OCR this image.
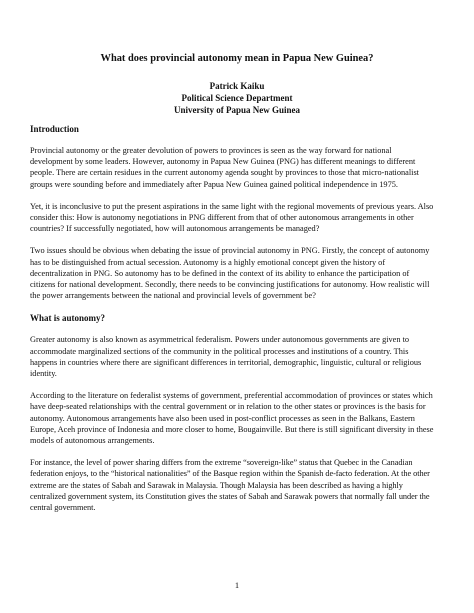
What does provincial autonomy mean in Papua New Guinea?
Patrick Kaiku
Political Science Department
University of Papua New Guinea
Introduction

Provincial autonomy or the greater devolution of powers to provinces is seen as the way forward for national development by some leaders. However, autonomy in Papua New Guinea (PNG) has different meanings to different people. There are certain residues in the current autonomy agenda sought by provinces to those that micro-nationalist groups were sounding before and immediately after Papua New Guinea gained political independence in 1975.

Yet, it is inconclusive to put the present aspirations in the same light with the regional movements of previous years. Also consider this: How is autonomy negotiations in PNG different from that of other autonomous arrangements in other countries? If successfully negotiated, how will autonomous arrangements be managed?

Two issues should be obvious when debating the issue of provincial autonomy in PNG. Firstly, the concept of autonomy has to be distinguished from actual secession. Autonomy is a highly emotional concept given the history of decentralization in PNG. So autonomy has to be defined in the context of its ability to enhance the participation of citizens for national development. Secondly, there needs to be convincing justifications for autonomy. How realistic will the power arrangements between the national and provincial levels of government be?

What is autonomy?

Greater autonomy is also known as asymmetrical federalism. Powers under autonomous governments are given to accommodate marginalized sections of the community in the political processes and institutions of a country. This happens in countries where there are significant differences in territorial, demographic, linguistic, cultural or religious identity.

According to the literature on federalist systems of government, preferential accommodation of provinces or states which have deep-seated relationships with the central government or in relation to the other states or provinces is the basis for autonomy. Autonomous arrangements have also been used in post-conflict processes as seen in the Balkans, Eastern Europe, Aceh province of Indonesia and more closer to home, Bougainville. But there is still significant diversity in these models of autonomous arrangements.

For instance, the level of power sharing differs from the extreme “sovereign-like” status that Quebec in the Canadian federation enjoys, to the “historical nationalities” of the Basque region within the Spanish de-facto federation. At the other extreme are the states of Sabah and Sarawak in Malaysia. Though Malaysia has been described as having a highly centralized government system, its Constitution gives the states of Sabah and Sarawak powers that normally fall under the central government.

1
